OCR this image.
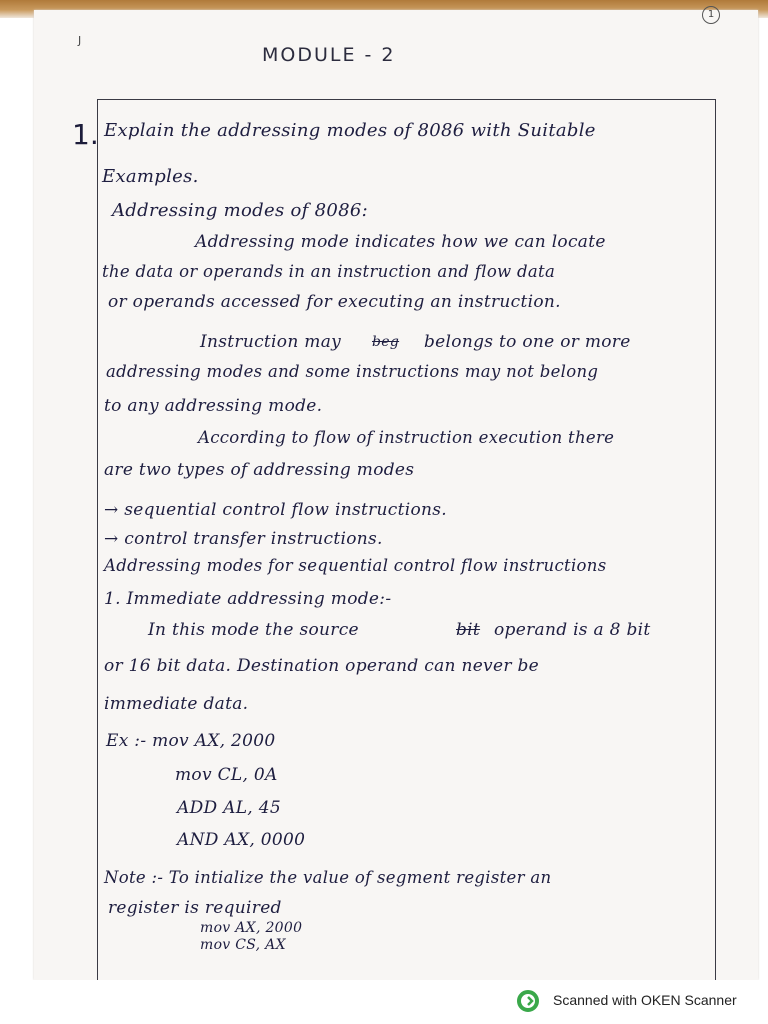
1
J
MODULE - 2
1. Explain the addressing modes of 8086 with Suitable
Examples.
Addressing modes of 8086:
Addressing mode indicates how we can locate
the data or operands in an instruction and flow data
or operands accessed for executing an instruction.
Instruction may beg belongs to one or more
addressing modes and some instructions may not belong
to any addressing mode.
According to flow of instruction execution there
are two types of addressing modes
→ sequential control flow instructions.
→ control transfer instructions.
Addressing modes for sequential control flow instructions
1. Immediate addressing mode:-
In this mode the source	bit operand is a 8 bit
or 16 bit data. Destination operand can never be
immediate data.
Ex :- mov AX, 2000
mov CL, 0A
ADD AL, 45
AND AX, 0000
Note :- To intialize the value of segment register an
register is required
mov AX, 2000
mov CS, AX
Scanned with OKEN Scanner
